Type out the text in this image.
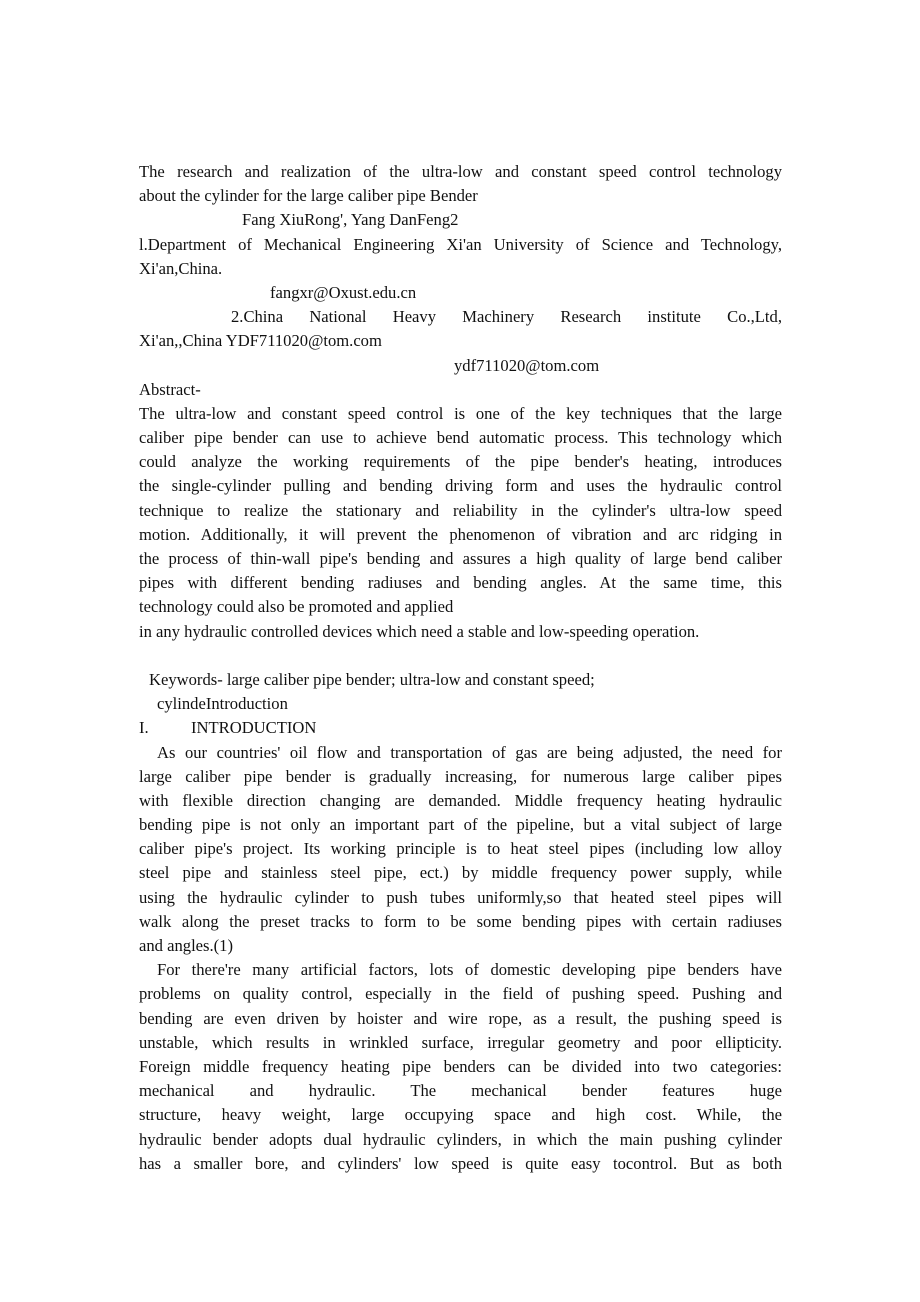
The research and realization of the ultra-low and constant speed control technology
about the cylinder for the large caliber pipe Bender
Fang XiuRong', Yang DanFeng2
l.Department of Mechanical Engineering Xi'an University of Science and Technology,
Xi'an,China.
fangxr@Oxust.edu.cn
2.China National Heavy Machinery Research institute Co.,Ltd,
Xi'an,,China YDF711020@tom.com
ydf711020@tom.com
Abstract-
The ultra-low and constant speed control is one of the key techniques that the large
caliber pipe bender can use to achieve bend automatic process. This technology which
could analyze the working requirements of the pipe bender's heating, introduces
the single-cylinder pulling and bending driving form and uses the hydraulic control
technique to realize the stationary and reliability in the cylinder's ultra-low speed
motion. Additionally, it will prevent the phenomenon of vibration and arc ridging in
the process of thin-wall pipe's bending and assures a high quality of large bend caliber
pipes with different bending radiuses and bending angles. At the same time, this
technology could also be promoted and applied
in any hydraulic controlled devices which need a stable and low-speeding operation.
Keywords- large caliber pipe bender; ultra-low and constant speed;
cylindeIntroduction
I.	INTRODUCTION
As our countries' oil flow and transportation of gas are being adjusted, the need for
large caliber pipe bender is gradually increasing, for numerous large caliber pipes
with flexible direction changing are demanded. Middle frequency heating hydraulic
bending pipe is not only an important part of the pipeline, but a vital subject of large
caliber pipe's project. Its working principle is to heat steel pipes (including low alloy
steel pipe and stainless steel pipe, ect.) by middle frequency power supply, while
using the hydraulic cylinder to push tubes uniformly,so that heated steel pipes will
walk along the preset tracks to form to be some bending pipes with certain radiuses
and angles.(1)
For there're many artificial factors, lots of domestic developing pipe benders have
problems on quality control, especially in the field of pushing speed. Pushing and
bending are even driven by hoister and wire rope, as a result, the pushing speed is
unstable, which results in wrinkled surface, irregular geometry and poor ellipticity.
Foreign middle frequency heating pipe benders can be divided into two categories:
mechanical and hydraulic. The mechanical bender features huge
structure, heavy weight, large occupying space and high cost. While, the
hydraulic bender adopts dual hydraulic cylinders, in which the main pushing cylinder
has a smaller bore, and cylinders' low speed is quite easy tocontrol. But as both
